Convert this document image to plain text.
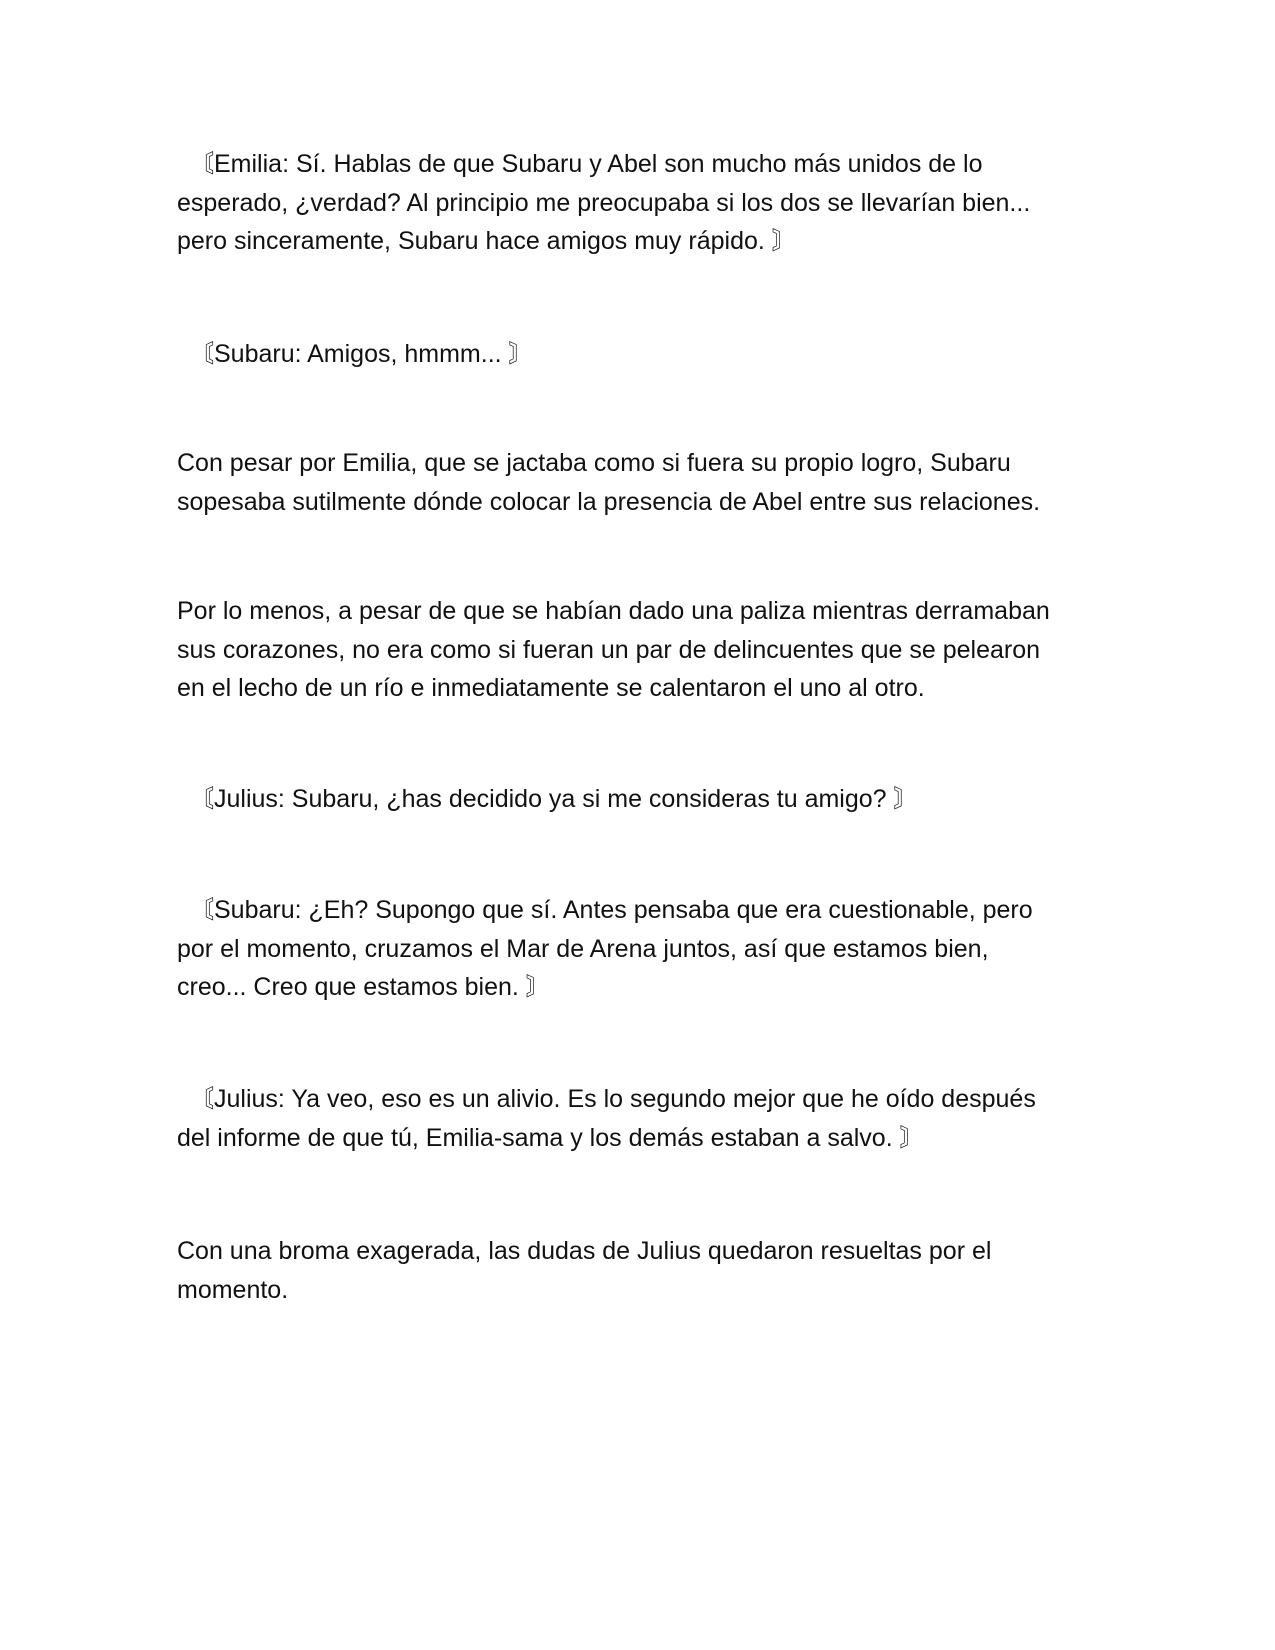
〘Emilia: Sí. Hablas de que Subaru y Abel son mucho más unidos de lo
esperado, ¿verdad? Al principio me preocupaba si los dos se llevarían bien...
pero sinceramente, Subaru hace amigos muy rápido. 〙

〘Subaru: Amigos, hmmm... 〙

Con pesar por Emilia, que se jactaba como si fuera su propio logro, Subaru
sopesaba sutilmente dónde colocar la presencia de Abel entre sus relaciones.

Por lo menos, a pesar de que se habían dado una paliza mientras derramaban
sus corazones, no era como si fueran un par de delincuentes que se pelearon
en el lecho de un río e inmediatamente se calentaron el uno al otro.

〘Julius: Subaru, ¿has decidido ya si me consideras tu amigo? 〙

〘Subaru: ¿Eh? Supongo que sí. Antes pensaba que era cuestionable, pero
por el momento, cruzamos el Mar de Arena juntos, así que estamos bien,
creo... Creo que estamos bien. 〙

〘Julius: Ya veo, eso es un alivio. Es lo segundo mejor que he oído después
del informe de que tú, Emilia-sama y los demás estaban a salvo. 〙

Con una broma exagerada, las dudas de Julius quedaron resueltas por el
momento.
